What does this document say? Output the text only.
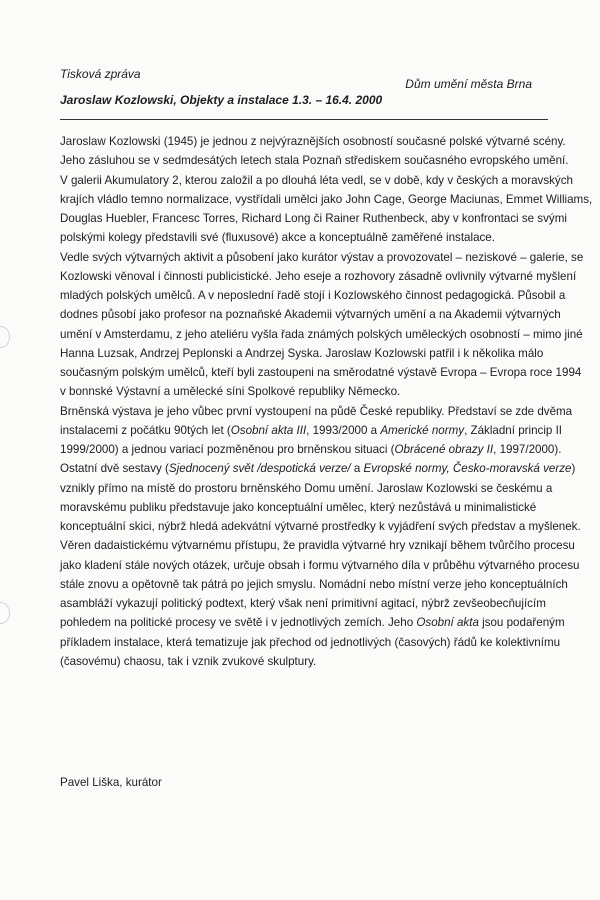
Tisková zpráva
Dům umění města Brna
Jaroslaw Kozlowski, Objekty a instalace 1.3. – 16.4. 2000
Jaroslaw Kozlowski (1945) je jednou z nejvýraznějších osobností současné polské výtvarné scény.
Jeho zásluhou se v sedmdesátých letech stala Poznaň střediskem současného evropského umění.
V galerii Akumulatory 2, kterou založil a po dlouhá léta vedl, se v době, kdy v českých a moravských
krajích vládlo temno normalizace, vystřídali umělci jako John Cage, George Maciunas, Emmet Williams,
Douglas Huebler, Francesc Torres, Richard Long či Rainer Ruthenbeck, aby v konfrontaci se svými
polskými kolegy představili své (fluxusové) akce a konceptuálně zaměřené instalace.
Vedle svých výtvarných aktivit a působení jako kurátor výstav a provozovatel – neziskové – galerie, se
Kozlowski věnoval i činnosti publicistické. Jeho eseje a rozhovory zásadně ovlivnily výtvarné myšlení
mladých polských umělců. A v neposlední řadě stojí i Kozlowského činnost pedagogická. Působil a
dodnes působí jako profesor na poznaňské Akademii výtvarných umění a na Akademii výtvarných
umění v Amsterdamu, z jeho ateliéru vyšla řada známých polských uměleckých osobností – mimo jiné
Hanna Luzsak, Andrzej Peplonski a Andrzej Syska. Jaroslaw Kozlowski patřil i k několika málo
současným polským umělců, kteří byli zastoupeni na směrodatné výstavě Evropa – Evropa roce 1994
v bonnské Výstavní a umělecké síni Spolkové republiky Německo.
Brněnská výstava je jeho vůbec první vystoupení na půdě České republiky. Představí se zde dvěma
instalacemi z počátku 90tých let (Osobní akta III, 1993/2000 a Americké normy, Základní princip II
1999/2000) a jednou variací pozměněnou pro brněnskou situaci (Obrácené obrazy II, 1997/2000).
Ostatní dvě sestavy (Sjednocený svět /despotická verze/ a Evropské normy, Česko-moravská verze)
vznikly přímo na místě do prostoru brněnského Domu umění. Jaroslaw Kozlowski se českému a
moravskému publiku představuje jako konceptuální umělec, který nezůstává u minimalistické
konceptuální skici, nýbrž hledá adekvátní výtvarné prostředky k vyjádření svých představ a myšlenek.
Věren dadaistickému výtvarnému přístupu, že pravidla výtvarné hry vznikají během tvůrčího procesu
jako kladení stále nových otázek, určuje obsah i formu výtvarného díla v průběhu výtvarného procesu
stále znovu a opětovně tak pátrá po jejich smyslu. Nomádní nebo místní verze jeho konceptuálních
asambláží vykazují politický podtext, který však není primitivní agitací, nýbrž zevšeobecňujícím
pohledem na politické procesy ve světě i v jednotlivých zemích. Jeho Osobní akta jsou podařeným
příkladem instalace, která tematizuje jak přechod od jednotlivých (časových) řádů ke kolektivnímu
(časovému) chaosu, tak i vznik zvukové skulptury.
Pavel Liška, kurátor
